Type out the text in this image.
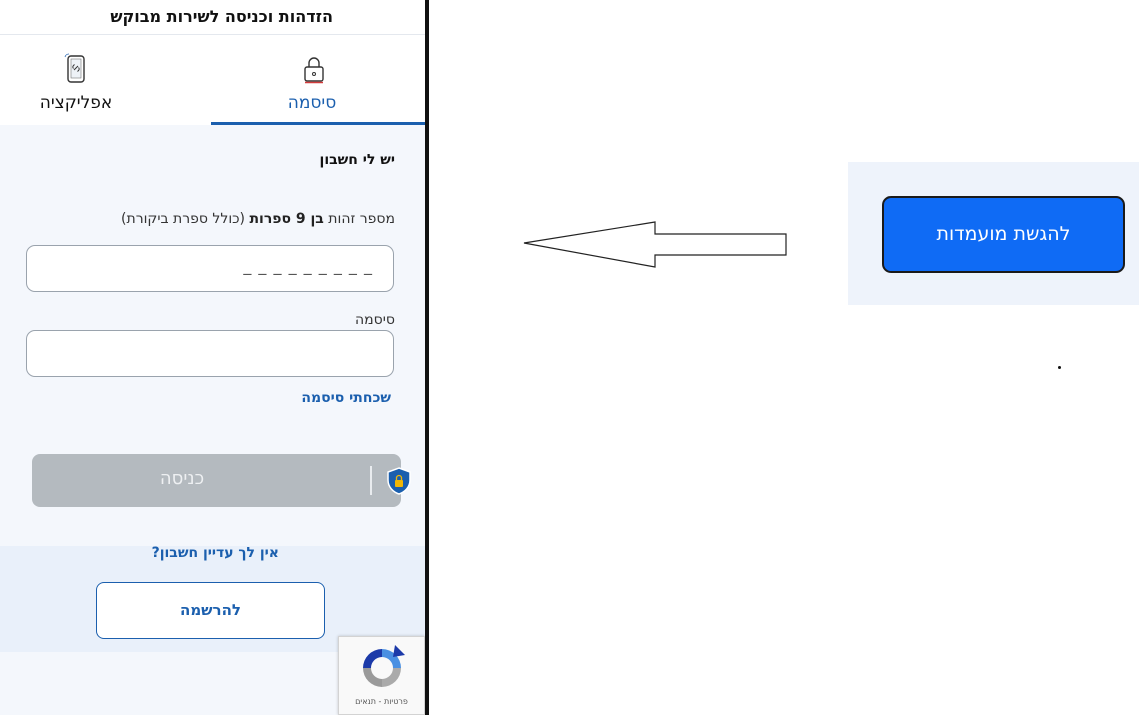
הזדהות וכניסה לשירות מבוקש
אפליקציה	סיסמה
יש לי חשבון
מספר זהות בן 9 ספרות (כולל ספרת ביקורת)
_ _ _ _ _ _ _ _ _
סיסמה
שכחתי סיסמה
כניסה
אין לך עדיין חשבון?
להרשמה
פרטיות - תנאים
להגשת מועמדות
